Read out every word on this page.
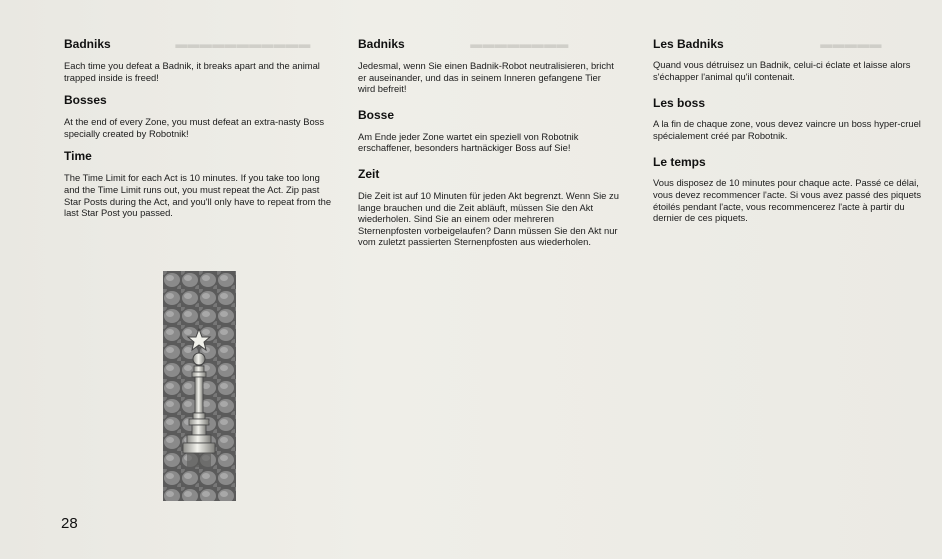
▬▬▬▬▬▬▬▬▬▬▬	▬▬▬▬▬▬▬▬	▬▬▬▬▬
Badniks

Each time you defeat a Badnik, it breaks apart and the animal trapped inside is freed!

Bosses

At the end of every Zone, you must defeat an extra-nasty Boss specially created by Robotnik!

Time

The Time Limit for each Act is 10 minutes. If you take too long and the Time Limit runs out, you must repeat the Act. Zip past Star Posts during the Act, and you'll only have to repeat from the last Star Post you passed.

Badniks

Jedesmal, wenn Sie einen Badnik-Robot neutralisieren, bricht er auseinander, und das in seinem Inneren gefangene Tier wird befreit!

Bosse

Am Ende jeder Zone wartet ein speziell von Robotnik erschaffener, besonders hartnäckiger Boss auf Sie!

Zeit

Die Zeit ist auf 10 Minuten für jeden Akt begrenzt. Wenn Sie zu lange brauchen und die Zeit abläuft, müssen Sie den Akt wiederholen. Sind Sie an einem oder mehreren Sternenpfosten vorbeigelaufen? Dann müssen Sie den Akt nur vom zuletzt passierten Sternenpfosten aus wiederholen.

Les Badniks

Quand vous détruisez un Badnik, celui-ci éclate et laisse alors s'échapper l'animal qu'il contenait.

Les boss

A la fin de chaque zone, vous devez vaincre un boss hyper-cruel spécialement créé par Robotnik.

Le temps

Vous disposez de 10 minutes pour chaque acte. Passé ce délai, vous devez recommencer l'acte. Si vous avez passé des piquets étoilés pendant l'acte, vous recommencerez l'acte à partir du dernier de ces piquets.

28
